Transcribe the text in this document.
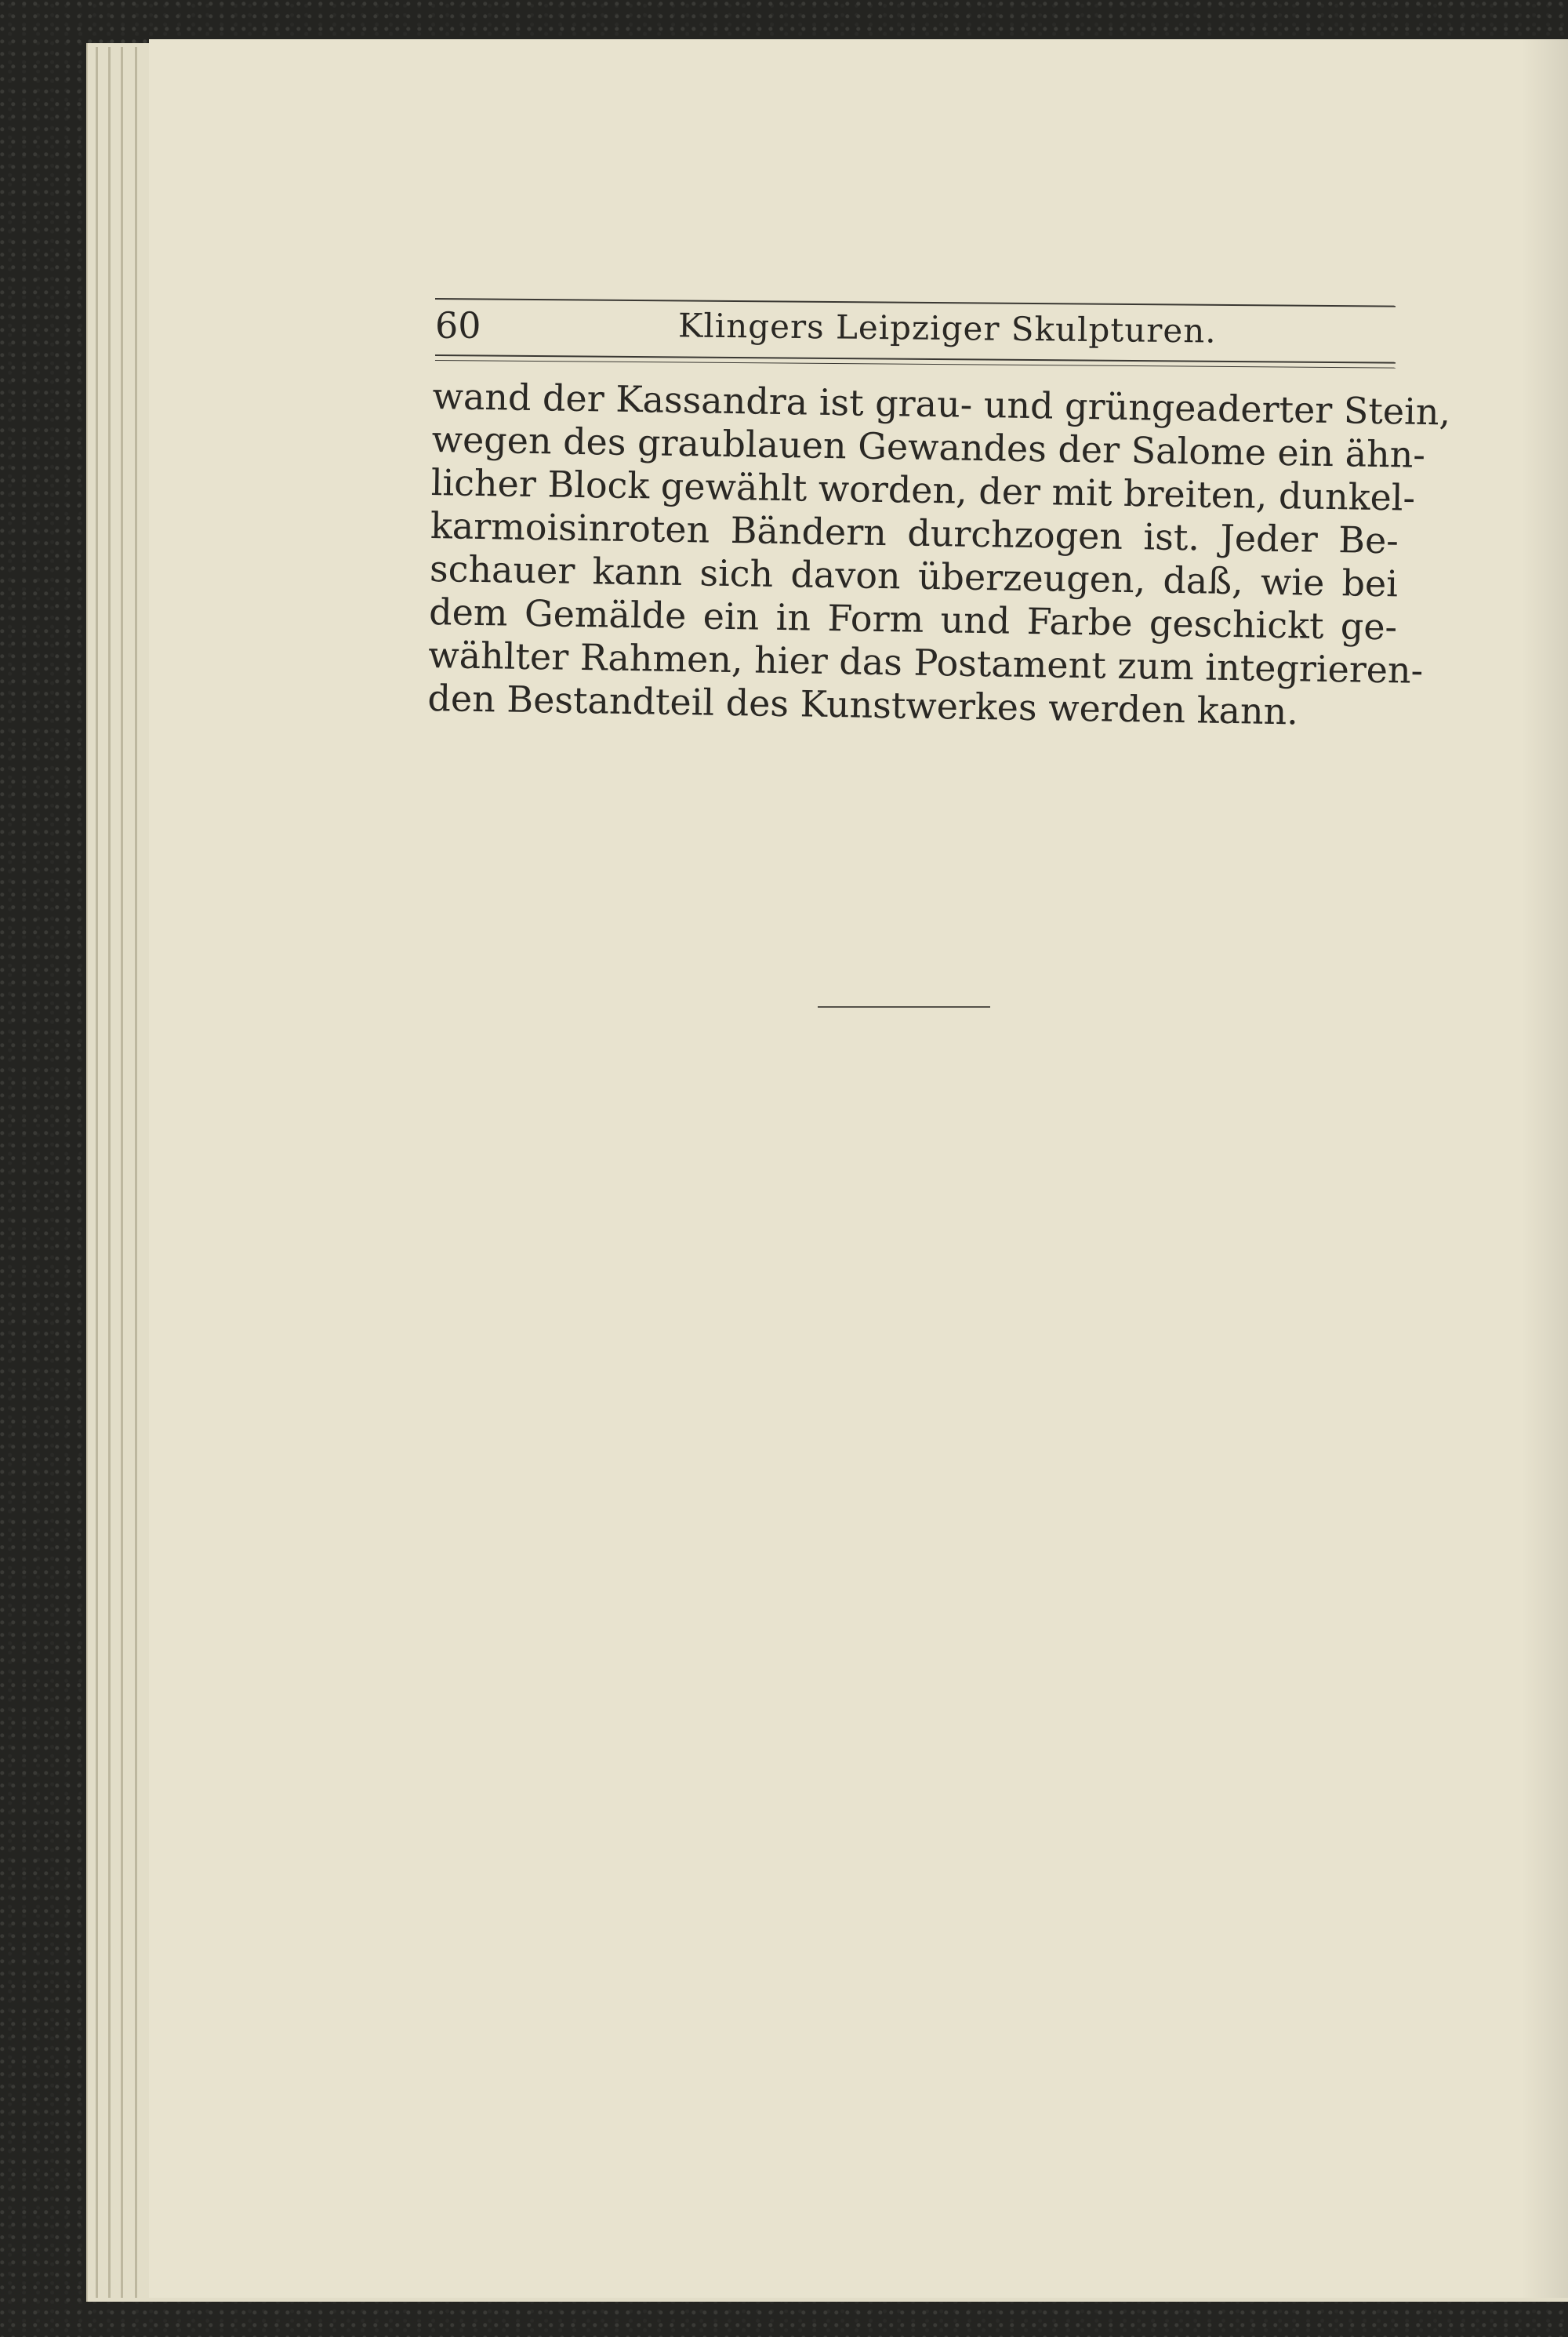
60	Klingers Leipziger Skulpturen.
wand der Kassandra ist grau- und grüngeaderter Stein,
wegen des graublauen Gewandes der Salome ein ähn-
licher Block gewählt worden, der mit breiten, dunkel-
karmoisinroten Bändern durchzogen ist. Jeder Be-
schauer kann sich davon überzeugen, daß, wie bei
dem Gemälde ein in Form und Farbe geschickt ge-
wählter Rahmen, hier das Postament zum integrieren-
den Bestandteil des Kunstwerkes werden kann.
